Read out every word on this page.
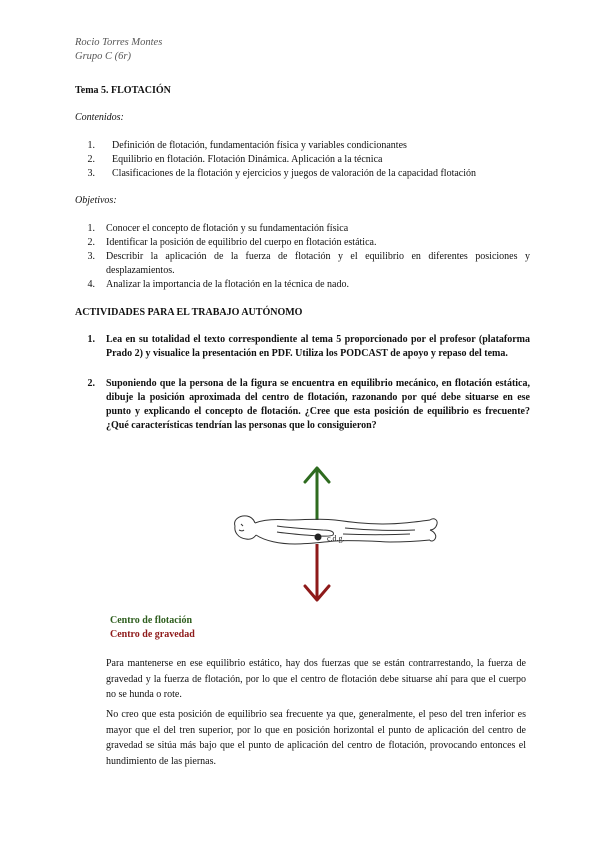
Rocio Torres Montes
Grupo C (6r)
Tema 5. FLOTACIÓN
Contenidos:
1. Definición de flotación, fundamentación física y variables condicionantes
2. Equilibrio en flotación. Flotación Dinámica. Aplicación a la técnica
3. Clasificaciones de la flotación y ejercicios y juegos de valoración de la capacidad flotación
Objetivos:
1. Conocer el concepto de flotación y su fundamentación física
2. Identificar la posición de equilibrio del cuerpo en flotación estática.
3. Describir la aplicación de la fuerza de flotación y el equilibrio en diferentes posiciones y desplazamientos.
4. Analizar la importancia de la flotación en la técnica de nado.
ACTIVIDADES PARA EL TRABAJO AUTÓNOMO
1. Lea en su totalidad el texto correspondiente al tema 5 proporcionado por el profesor (plataforma Prado 2) y visualice la presentación en PDF. Utiliza los PODCAST de apoyo y repaso del tema.
2. Suponiendo que la persona de la figura se encuentra en equilibrio mecánico, en flotación estática, dibuje la posición aproximada del centro de flotación, razonando por qué debe situarse en ese punto y explicando el concepto de flotación. ¿Cree que esta posición de equilibrio es frecuente? ¿Qué características tendrían las personas que lo consiguieron?
c.d.g.
Centro de flotación
Centro de gravedad
Para mantenerse en ese equilibrio estático, hay dos fuerzas que se están contrarrestando, la fuerza de gravedad y la fuerza de flotación, por lo que el centro de flotación debe situarse ahí para que el cuerpo no se hunda o rote.
No creo que esta posición de equilibrio sea frecuente ya que, generalmente, el peso del tren inferior es mayor que el del tren superior, por lo que en posición horizontal el punto de aplicación del centro de gravedad se sitúa más bajo que el punto de aplicación del centro de flotación, provocando entonces el hundimiento de las piernas.
